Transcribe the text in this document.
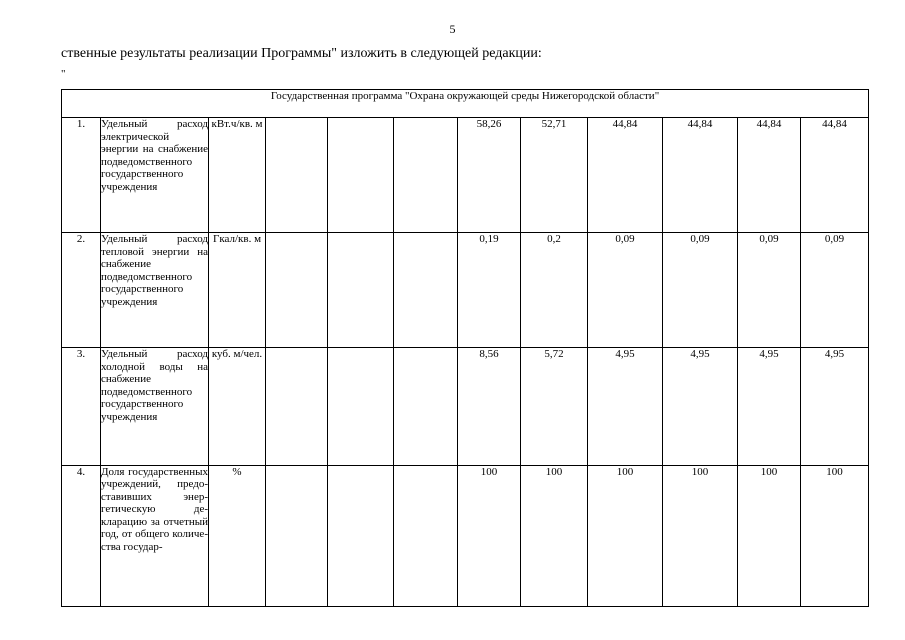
5
ственные результаты реализации Программы" изложить в следующей редакции:
"
Государственная программа "Охрана окружающей среды Нижегородской области"											
1.	Удельный расход электрической энергии на снабжение подведомственного государственного учреждения	кВт.ч/кв. м				58,26	52,71	44,84	44,84	44,84	44,84
2.	Удельный расход тепловой энергии на снабжение подведомственного государственного учреждения	Гкал/кв. м				0,19	0,2	0,09	0,09	0,09	0,09
3.	Удельный расход холодной воды на снабжение подведомственного государственного учреждения	куб. м/чел.				8,56	5,72	4,95	4,95	4,95	4,95
4.	Доля государственных учреждений, предоставивших энергетическую декларацию за отчетный год, от общего количества государ-	%				100	100	100	100	100	100
